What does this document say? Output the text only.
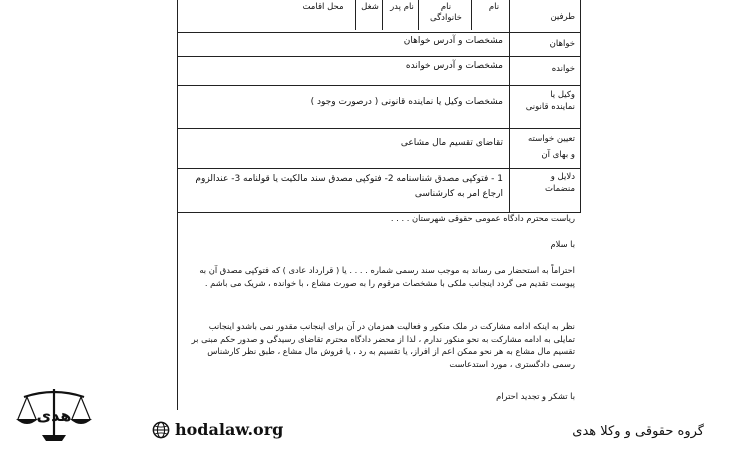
طرفین
نام
نام
خانوادگی
نام پدر
شغل
محل اقامت
خواهان
مشخصات و آدرس خواهان
خوانده
مشخصات و آدرس خوانده
وکیل یا
نماینده قانونی
مشخصات وکیل یا نماینده قانونی ( درصورت وجود )
تعیین خواسته
و بهای آن
تقاضای تقسیم مال مشاعی
دلایل و
منضمات
1 - فتوکپی مصدق شناسنامه 2- فتوکپی مصدق سند مالکیت یا قولنامه 3- عندالزوم
ارجاع امر به کارشناسی
ریاست محترم دادگاه عمومی حقوقی شهرستان . . . .
با سلام
احتراماً به استحضار می رساند به موجب سند رسمی شماره . . . . یا ( قرارداد عادی ) که فتوکپی مصدق آن به پیوست تقدیم می گردد اینجانب ملکی با مشخصات مرقوم را به صورت مشاع ، با خوانده ، شریک می باشم .
نظر به اینکه ادامه مشارکت در ملک منکور و فعالیت همزمان در آن برای اینجانب مقدور نمی باشدو اینجانب تمایلی به ادامه مشارکت به نحو منکور ندارم ، لذا از محضر دادگاه محترم تقاضای رسیدگی و صدور حکم مبنی بر تقسیم مال مشاع به هر نحو ممکن اعم از افراز، یا تقسیم به رد ، یا فروش مال مشاع ، طبق نظر کارشناس رسمی دادگستری ، مورد استدعاست
با تشکر و تجدید احترام
هدی
hodalaw.org	گروه حقوقی و وکلا هدی
